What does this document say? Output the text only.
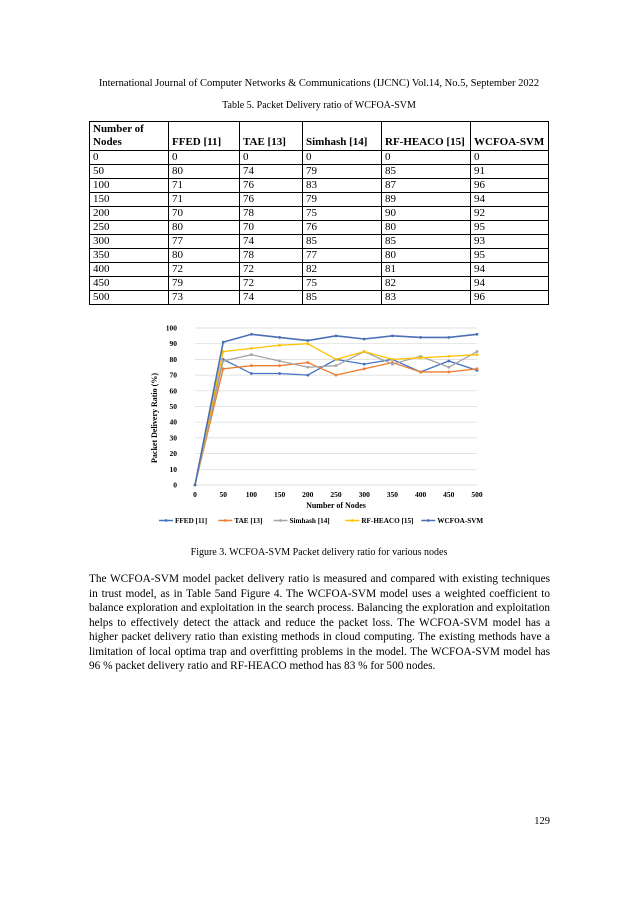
International Journal of Computer Networks & Communications (IJCNC) Vol.14, No.5, September 2022
Table 5. Packet Delivery ratio of WCFOA-SVM
Number of Nodes	FFED [11]	TAE [13]	Simhash [14]	RF-HEACO [15]	WCFOA-SVM
0	0	0	0	0	0
50	80	74	79	85	91
100	71	76	83	87	96
150	71	76	79	89	94
200	70	78	75	90	92
250	80	70	76	80	95
300	77	74	85	85	93
350	80	78	77	80	95
400	72	72	82	81	94
450	79	72	75	82	94
500	73	74	85	83	96
0
10
20
30
40
50
60
70
80
90
100
0	50	100 150 200 250 300 350 400 450 500
Number of Nodes
Packet Delivery Ratio (%)
FFED [11]	TAE [13]	Simhash [14]	RF-HEACO [15]	WCFOA-SVM
Figure 3. WCFOA-SVM Packet delivery ratio for various nodes

The WCFOA-SVM model packet delivery ratio is measured and compared with existing techniques in trust model, as in Table 5and Figure 4. The WCFOA-SVM model uses a weighted coefficient to balance exploration and exploitation in the search process. Balancing the exploration and exploitation helps to effectively detect the attack and reduce the packet loss. The WCFOA-SVM model has a higher packet delivery ratio than existing methods in cloud computing. The existing methods have a limitation of local optima trap and overfitting problems in the model. The WCFOA-SVM model has 96 % packet delivery ratio and RF-HEACO method has 83 % for 500 nodes.

129
